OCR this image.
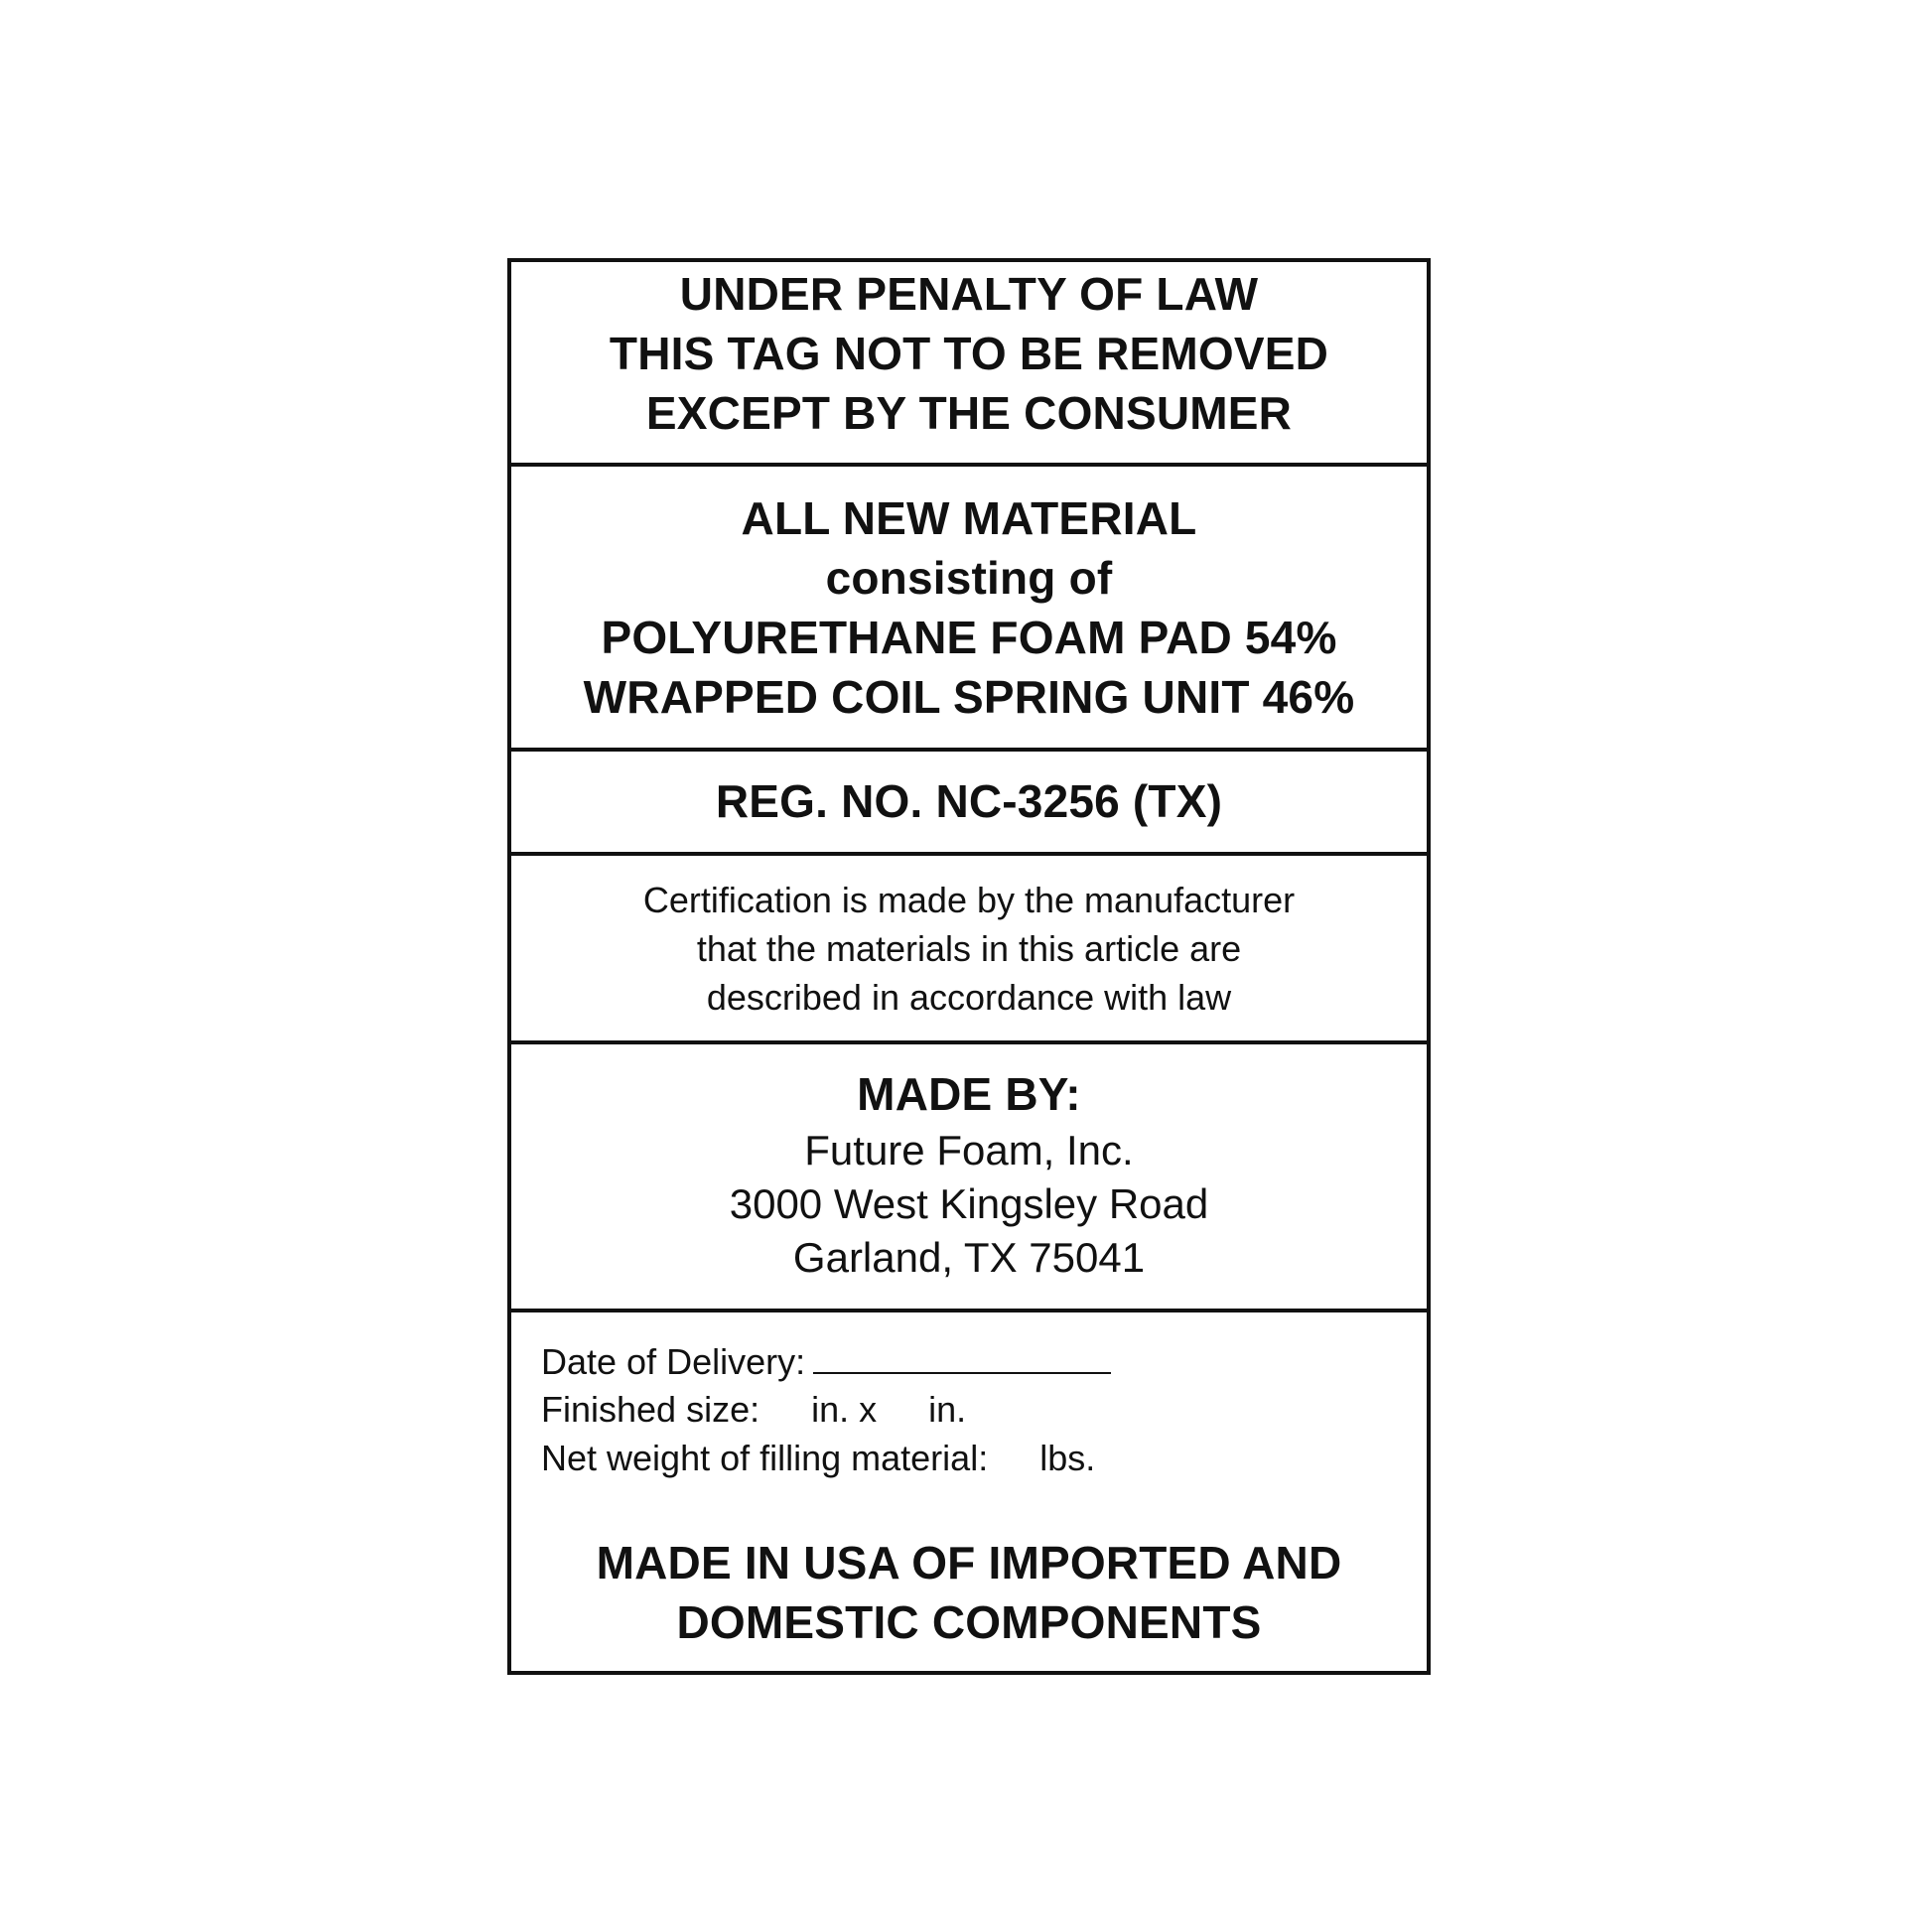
UNDER PENALTY OF LAW
THIS TAG NOT TO BE REMOVED
EXCEPT BY THE CONSUMER
ALL NEW MATERIAL
consisting of
POLYURETHANE FOAM PAD 54%
WRAPPED COIL SPRING UNIT 46%
REG. NO. NC-3256 (TX)
Certification is made by the manufacturer
that the materials in this article are
described in accordance with law
MADE BY:
Future Foam, Inc.
3000 West Kingsley Road
Garland, TX 75041
Date of Delivery:
Finished size: in. x in.
Net weight of filling material: lbs.
MADE IN USA OF IMPORTED AND
DOMESTIC COMPONENTS
